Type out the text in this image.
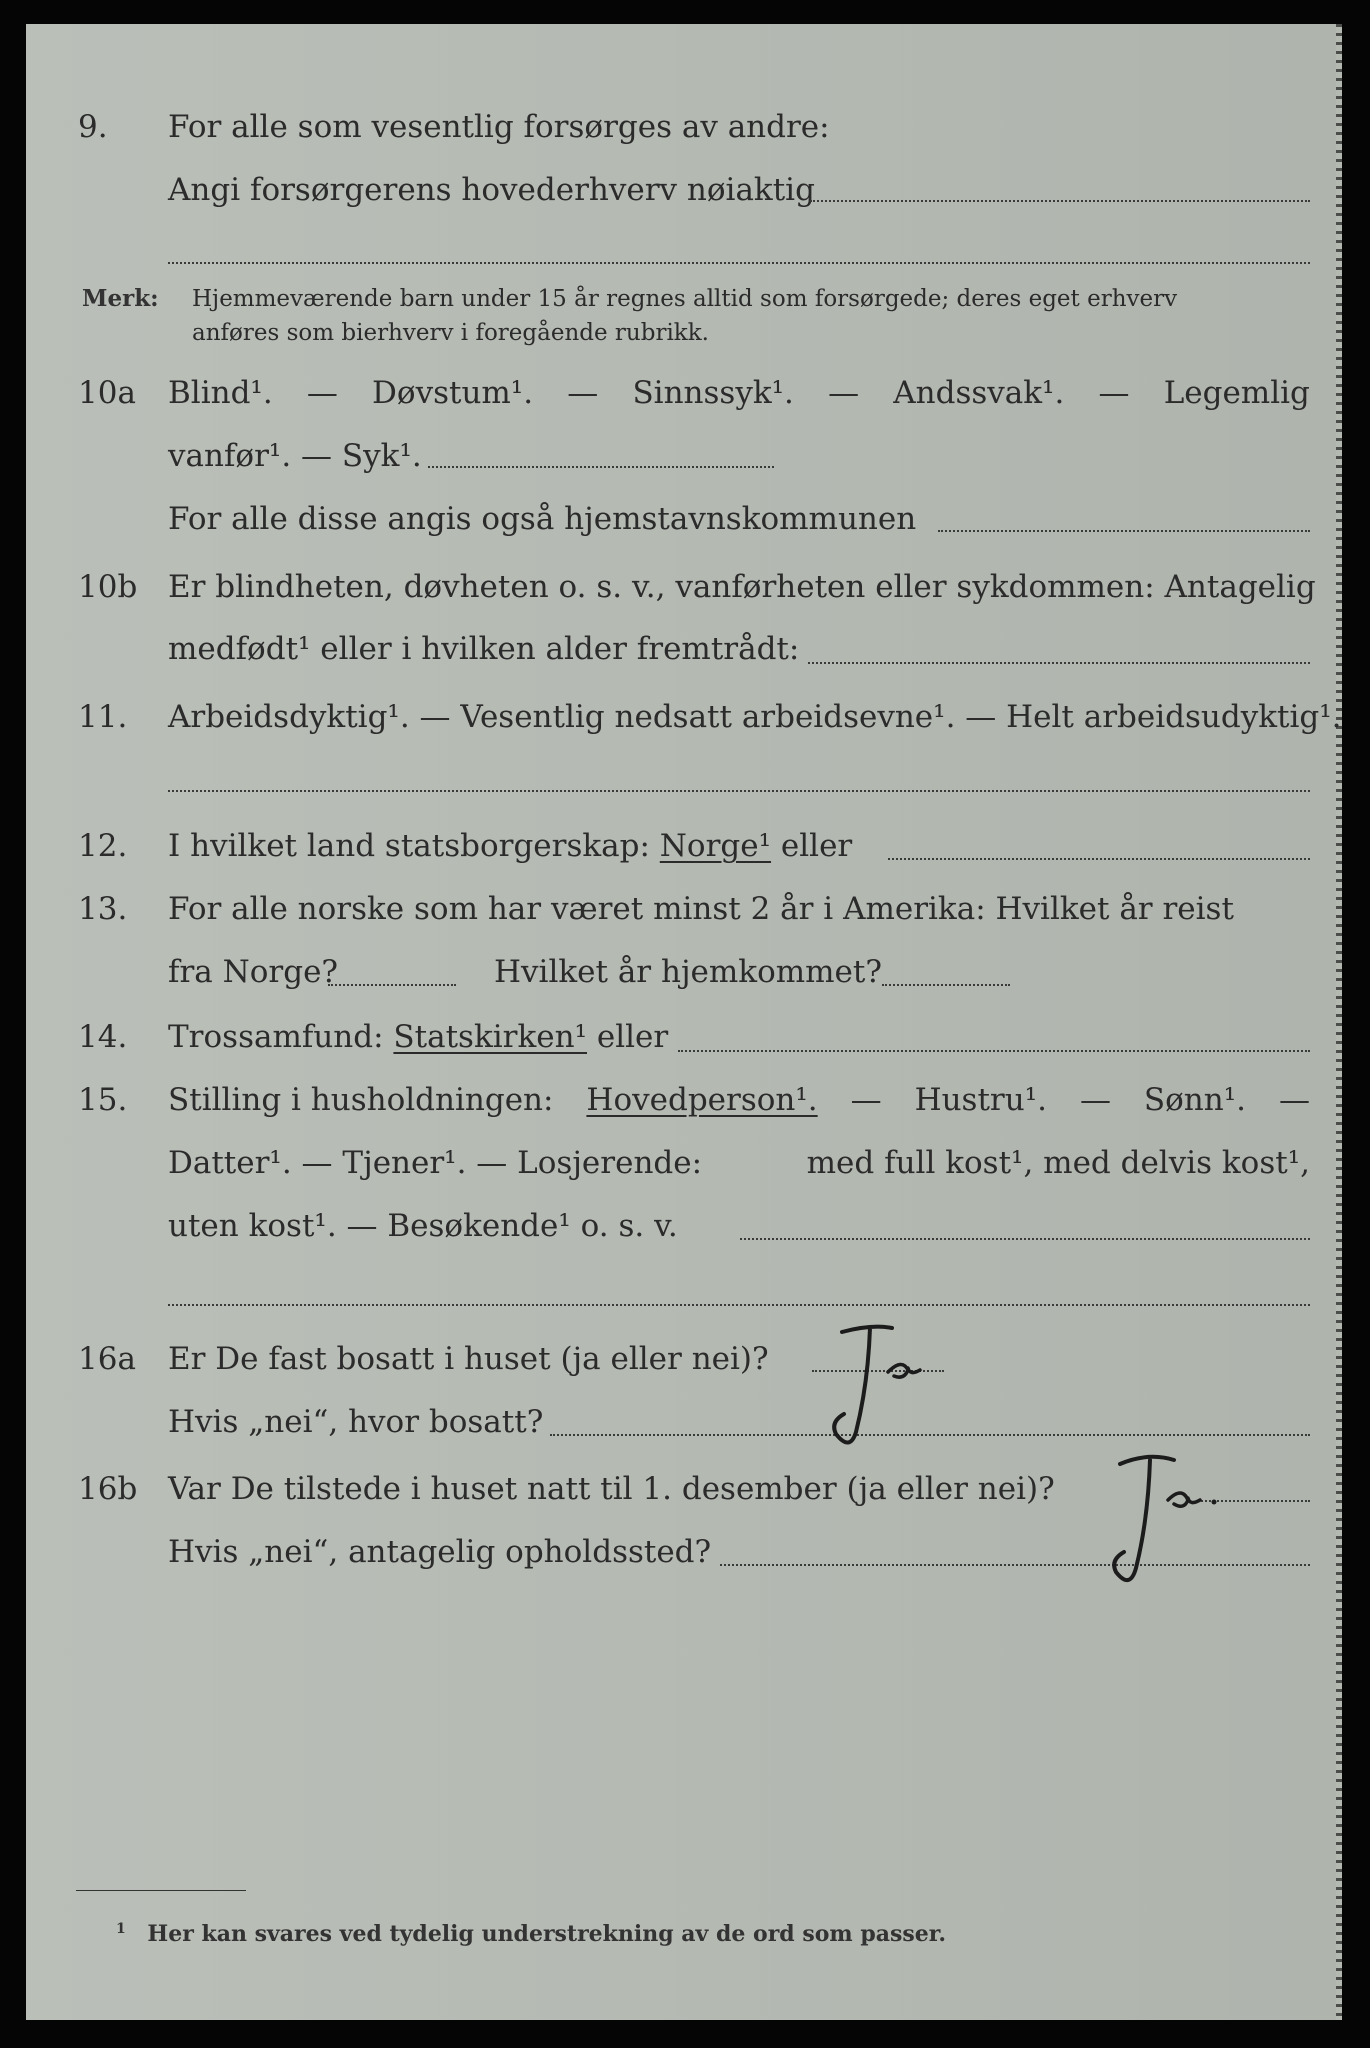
9.	For alle som vesentlig forsørges av andre:
Angi forsørgerens hovederhverv nøiaktig
Merk: Hjemmeværende barn under 15 år regnes alltid som forsørgede; deres eget erhverv
anføres som bierhverv i foregående rubrikk.
10a	Blind¹. — Døvstum¹. — Sinnssyk¹. — Andssvak¹. — Legemlig
vanfør¹. — Syk¹.
For alle disse angis også hjemstavnskommunen
10b Er blindheten, døvheten o. s. v., vanførheten eller sykdommen: Antagelig
medfødt¹ eller i hvilken alder fremtrådt:
11.	Arbeidsdyktig¹. — Vesentlig nedsatt arbeidsevne¹. — Helt arbeidsudyktig¹.
12.	I hvilket land statsborgerskap: Norge¹ eller
13.	For alle norske som har været minst 2 år i Amerika: Hvilket år reist
fra Norge?	Hvilket år hjemkommet?
14.	Trossamfund: Statskirken¹ eller
15.	Stilling i husholdningen: Hovedperson¹. — Hustru¹. — Sønn¹. —
Datter¹. — Tjener¹. — Losjerende:	med full kost¹, med delvis kost¹,
uten kost¹. — Besøkende¹ o. s. v.
16a	Er De fast bosatt i huset (ja eller nei)?
Hvis „nei“, hvor bosatt?
16b Var De tilstede i huset natt til 1. desember (ja eller nei)?
Hvis „nei“, antagelig opholdssted?
$^1$ Her kan svares ved tydelig understrekning av de ord som passer.
